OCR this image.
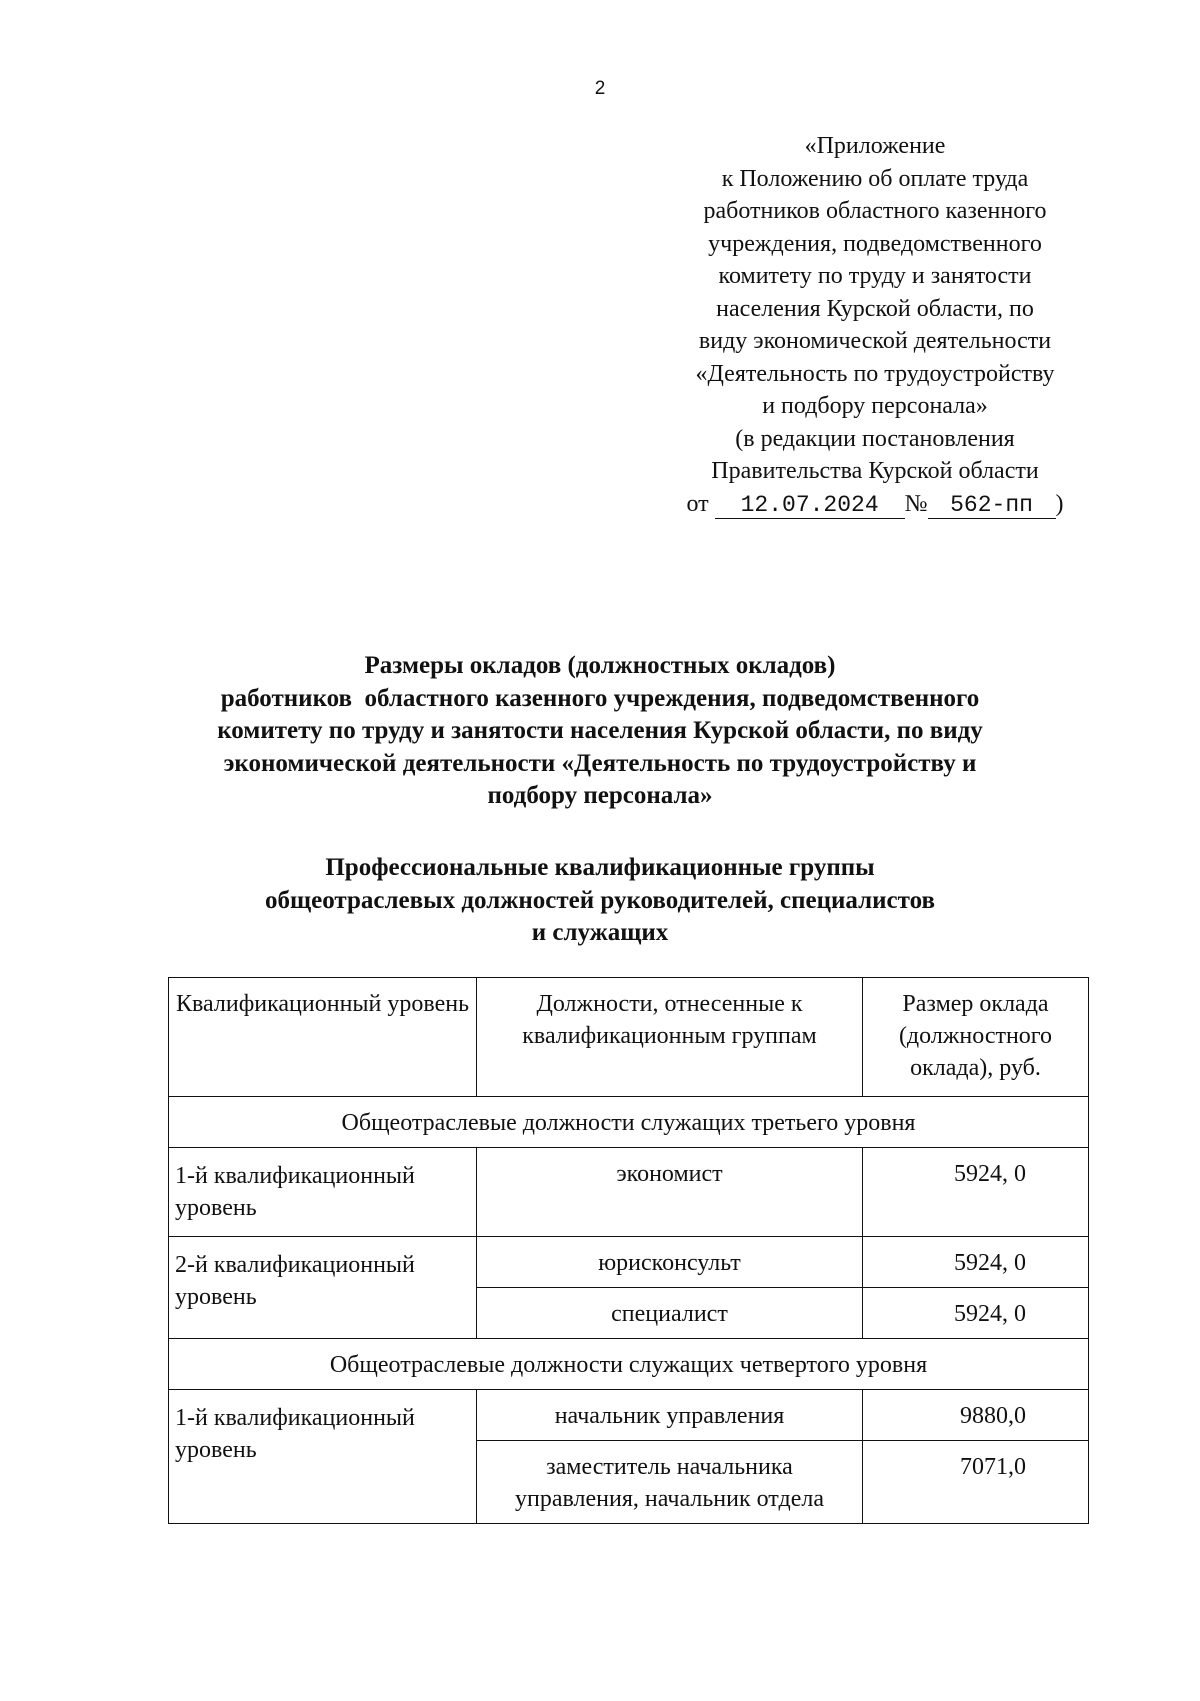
2
«Приложение
к Положению об оплате труда
работников областного казенного
учреждения, подведомственного
комитету по труду и занятости
населения Курской области, по
виду экономической деятельности
«Деятельность по трудоустройству
и подбору персонала»
(в редакции постановления
Правительства Курской области
от 12.07.2024 № 562-пп )
Размеры окладов (должностных окладов)
работников  областного казенного учреждения, подведомственного
комитету по труду и занятости населения Курской области, по виду
экономической деятельности «Деятельность по трудоустройству и
подбору персонала»
Профессиональные квалификационные группы
общеотраслевых должностей руководителей, специалистов
и служащих
Квалификационный уровень	Должности, отнесенные к квалификационным группам	Размер оклада (должностного оклада), руб.
Общеотраслевые должности служащих третьего уровня		
1-й квалификационный уровень	экономист	5924, 0
2-й квалификационный уровень	юрисконсульт	5924, 0
	специалист	5924, 0
Общеотраслевые должности служащих четвертого уровня		
1-й квалификационный уровень	начальник управления	9880,0
	заместитель начальника управления, начальник отдела	7071,0
